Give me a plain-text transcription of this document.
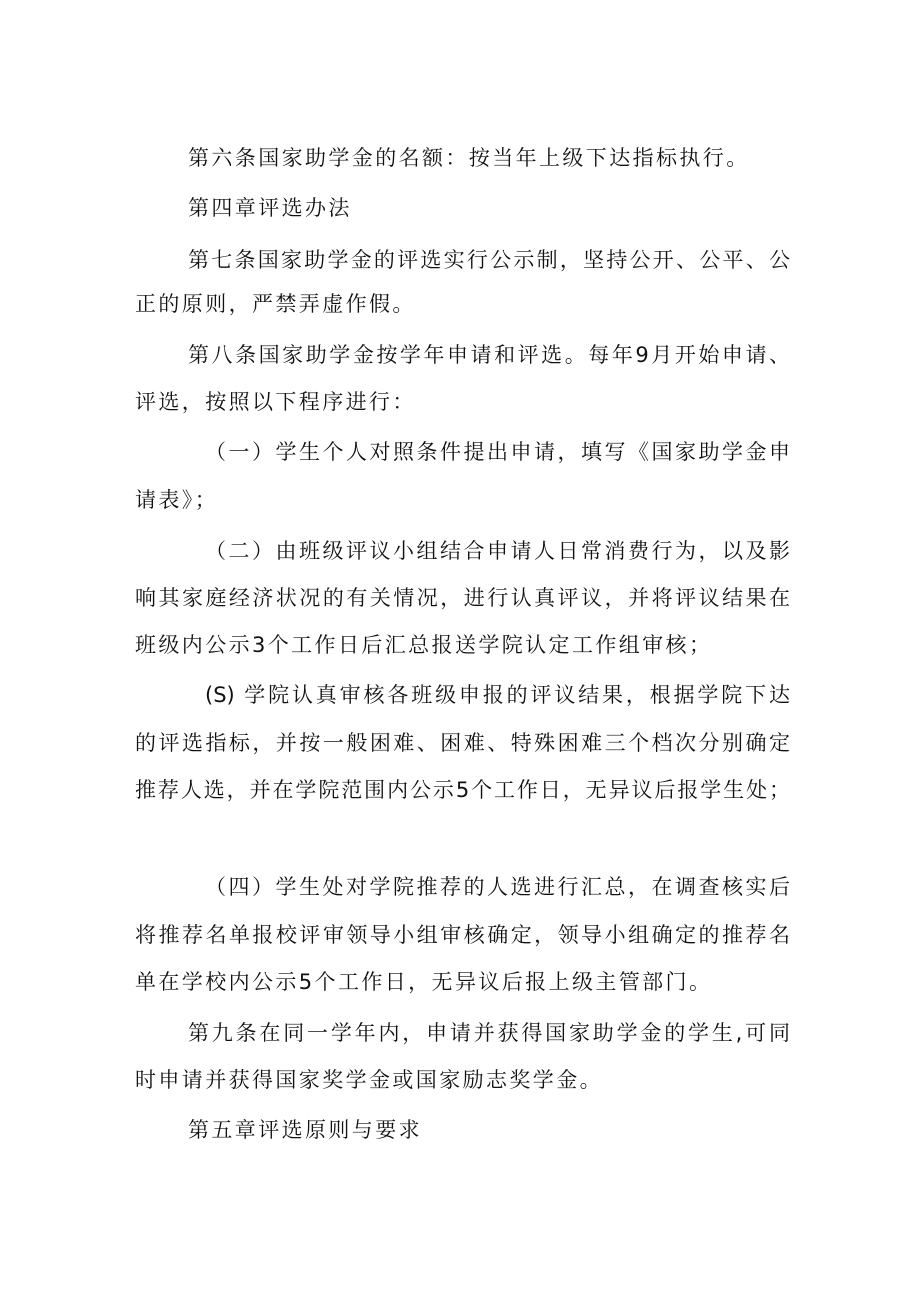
第六条国家助学金的名额：按当年上级下达指标执行。
第四章评选办法
第七条国家助学金的评选实行公示制，坚持公开、公平、公
正的原则，严禁弄虚作假。
第八条国家助学金按学年申请和评选。每年9月开始申请、
评选，按照以下程序进行：
（一）学生个人对照条件提出申请，填写《国家助学金申
请表》；
（二）由班级评议小组结合申请人日常消费行为，以及影
响其家庭经济状况的有关情况，进行认真评议，并将评议结果在
班级内公示3个工作日后汇总报送学院认定工作组审核；
(S) 学院认真审核各班级申报的评议结果，根据学院下达
的评选指标，并按一般困难、困难、特殊困难三个档次分别确定
推荐人选，并在学院范围内公示5个工作日，无异议后报学生处；
（四）学生处对学院推荐的人选进行汇总，在调查核实后
将推荐名单报校评审领导小组审核确定，领导小组确定的推荐名
单在学校内公示5个工作日，无异议后报上级主管部门。
第九条在同一学年内，申请并获得国家助学金的学生,可同
时申请并获得国家奖学金或国家励志奖学金。
第五章评选原则与要求
